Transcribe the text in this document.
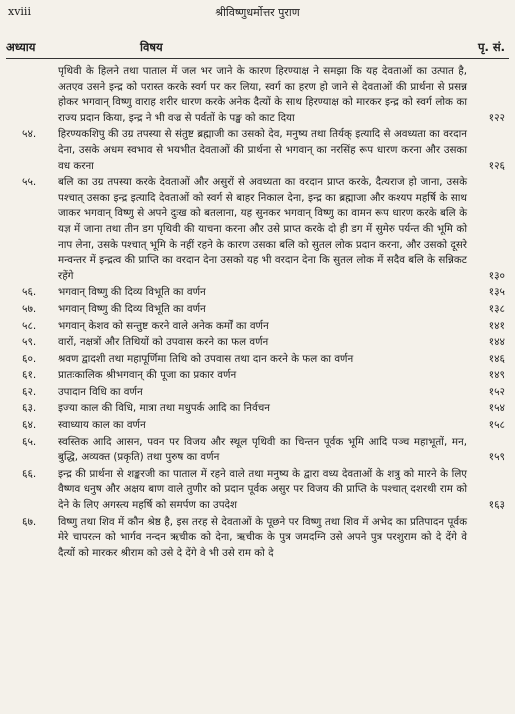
xviii	श्रीविष्णुधर्मोत्तर पुराण
अध्याय	विषय	पृ. सं.
पृथिवी के हिलने तथा पाताल में जल भर जाने के कारण हिरण्याक्ष ने समझा कि यह देवताओं का उत्पात है, अतएव उसने इन्द्र को परास्त करके स्वर्ग पर कर लिया, स्वर्ग का हरण हो जाने से देवताओं की प्रार्थना से प्रसन्न होकर भगवान् विष्णु वाराह शरीर धारण करके अनेक दैत्यों के साथ हिरण्याक्ष को मारकर इन्द्र को स्वर्ग लोक का राज्य प्रदान किया, इन्द्र ने भी वज्र से पर्वतों के पङ्ख को काट दिया	१२२
५४. हिरण्यकशिपु की उग्र तपस्या से संतुष्ट ब्रह्माजी का उसको देव, मनुष्य तथा तिर्यक् इत्यादि से अवध्यता का वरदान देना, उसके अधम स्वभाव से भयभीत देवताओं की प्रार्थना से भगवान् का नरसिंह रूप धारण करना और उसका वध करना	१२६
५५. बलि का उग्र तपस्या करके देवताओं और असुरों से अवध्यता का वरदान प्राप्त करके, दैत्यराज हो जाना, उसके पश्चात् उसका इन्द्र इत्यादि देवताओं को स्वर्ग से बाहर निकाल देना, इन्द्र का ब्रह्माजा और कश्यप महर्षि के साथ जाकर भगवान् विष्णु से अपने दुःख को बतलाना, यह सुनकर भगवान् विष्णु का वामन रूप धारण करके बलि के यज्ञ में जाना तथा तीन डग पृथिवी की याचना करना और उसे प्राप्त करके दो ही डग में सुमेरु पर्यन्त की भूमि को नाप लेना, उसके पश्चात् भूमि के नहीं रहने के कारण उसका बलि को सुतल लोक प्रदान करना, और उसको दूसरे मन्वन्तर में इन्द्रत्व की प्राप्ति का वरदान देना उसको यह भी वरदान देना कि सुतल लोक में सदैव बलि के सन्निकट रहेंगे	१३०
५६. भगवान् विष्णु की दिव्य विभूति का वर्णन	१३५
५७. भगवान् विष्णु की दिव्य विभूति का वर्णन	१३८
५८. भगवान् केशव को सन्तुष्ट करने वाले अनेक कर्मों का वर्णन	१४१
५९. वारों, नक्षत्रों और तिथियों को उपवास करने का फल वर्णन	१४४
६०. श्रवण द्वादशी तथा महापूर्णिमा तिथि को उपवास तथा दान करने के फल का वर्णन	१४६
६१. प्रातःकालिक श्रीभगवान् की पूजा का प्रकार वर्णन	१४९
६२. उपादान विधि का वर्णन	१५२
६३. इज्या काल की विधि, मात्रा तथा मधुपर्क आदि का निर्वचन	१५४
६४. स्वाध्याय काल का वर्णन	१५८
६५. स्वस्तिक आदि आसन, पवन पर विजय और स्थूल पृथिवी का चिन्तन पूर्वक भूमि आदि पञ्च महाभूतों, मन, बुद्धि, अव्यक्त (प्रकृति) तथा पुरुष का वर्णन	१५९
६६. इन्द्र की प्रार्थना से शङ्करजी का पाताल में रहने वाले तथा मनुष्य के द्वारा वध्य देवताओं के शत्रु को मारने के लिए वैष्णव धनुष और अक्षय बाण वाले तुणीर को प्रदान पूर्वक असुर पर विजय की प्राप्ति के पश्चात् दशरथी राम को देने के लिए अगस्त्य महर्षि को समर्पण का उपदेश	१६३
६७. विष्णु तथा शिव में कौन श्रेष्ठ है, इस तरह से देवताओं के पूछने पर विष्णु तथा शिव में अभेद का प्रतिपादन पूर्वक मेरे चापरत्न को भार्गव नन्दन ऋचीक को देना, ऋचीक के पुत्र जमदग्नि उसे अपने पुत्र परशुराम को दे देंगे वे दैत्यों को मारकर श्रीराम को उसे दे देंगे वे भी उसे राम को दे
